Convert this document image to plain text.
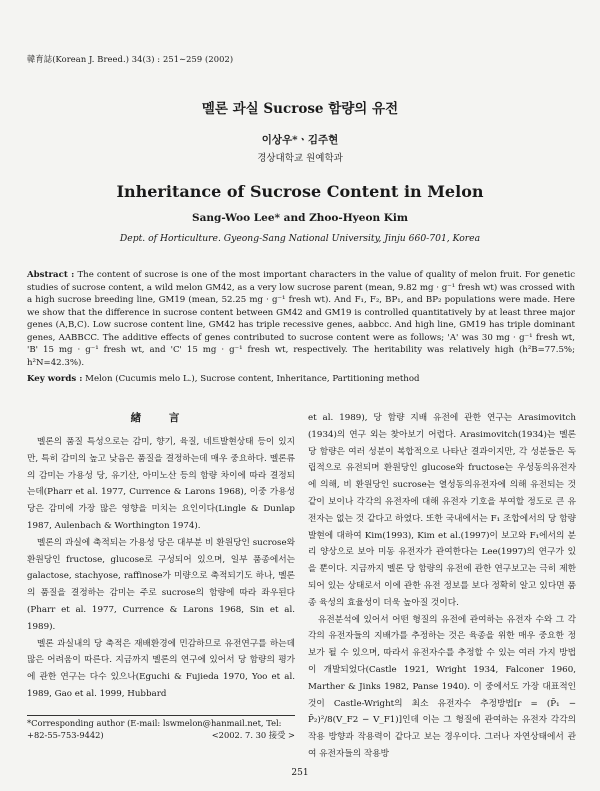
韓育誌(Korean J. Breed.) 34(3) : 251∼259 (2002)
멜론 과실 Sucrose 함량의 유전
이상우*ㆍ김주현
경상대학교 원예학과
Inheritance of Sucrose Content in Melon
Sang-Woo Lee* and Zhoo-Hyeon Kim
Dept. of Horticulture. Gyeong-Sang National University, Jinju 660-701, Korea
Abstract : The content of sucrose is one of the most important characters in the value of quality of melon fruit. For genetic studies of sucrose content, a wild melon GM42, as a very low sucrose parent (mean, 9.82 mg · g⁻¹ fresh wt) was crossed with a high sucrose breeding line, GM19 (mean, 52.25 mg · g⁻¹ fresh wt). And F₁, F₂, BP₁, and BP₂ populations were made. Here we show that the difference in sucrose content between GM42 and GM19 is controlled quantitatively by at least three major genes (A,B,C). Low sucrose content line, GM42 has triple recessive genes, aabbcc. And high line, GM19 has triple dominant genes, AABBCC. The additive effects of genes contributed to sucrose content were as follows; 'A' was 30 mg · g⁻¹ fresh wt, 'B' 15 mg · g⁻¹ fresh wt, and 'C' 15 mg · g⁻¹ fresh wt, respectively. The heritability was relatively high (h²B=77.5%; h²N=42.3%).
Key words : Melon (Cucumis melo L.), Sucrose content, Inheritance, Partitioning method
緖 言

멜론의 품질 특성으로는 감미, 향기, 육질, 네트발현상태 등이 있지만, 특히 감미의 높고 낮음은 품질을 결정하는데 매우 중요하다. 멜론류의 감미는 가용성 당, 유기산, 아미노산 등의 함량 차이에 따라 결정되는데(Pharr et al. 1977, Currence & Larons 1968), 이중 가용성 당은 감미에 가장 많은 영향을 미치는 요인이다(Lingle & Dunlap 1987, Aulenbach & Worthington 1974).

멜론의 과실에 축적되는 가용성 당은 대부분 비 환원당인 sucrose와 환원당인 fructose, glucose로 구성되어 있으며, 일부 품종에서는 galactose, stachyose, raffinose가 미량으로 축적되기도 하나, 멜론의 품질을 결정하는 감미는 주로 sucrose의 함량에 따라 좌우된다(Pharr et al. 1977, Currence & Larons 1968, Sin et al. 1989).

멜론 과실내의 당 축적은 재배환경에 민감하므로 유전연구를 하는데 많은 어려움이 따른다. 지금까지 멜론의 연구에 있어서 당 함량의 평가에 관한 연구는 다수 있으나(Eguchi & Fujieda 1970, Yoo et al. 1989, Gao et al. 1999, Hubbard

et al. 1989), 당 함량 지배 유전에 관한 연구는 Arasimovitch (1934)의 연구 외는 찾아보기 어렵다. Arasimovitch(1934)는 멜론 당 함량은 여러 성분이 복합적으로 나타난 결과이지만, 각 성분들은 독립적으로 유전되며 환원당인 glucose와 fructose는 우성동의유전자에 의해, 비 환원당인 sucrose는 열성동의유전자에 의해 유전되는 것 같이 보이나 각각의 유전자에 대해 유전자 기호을 부여할 정도로 큰 유전자는 없는 것 같다고 하였다. 또한 국내에서는 F₁ 조합에서의 당 함량 발현에 대하여 Kim(1993), Kim et al.(1997)이 보고와 F₁에서의 분리 양상으로 보아 미동 유전자가 관여한다는 Lee(1997)의 연구가 있을 뿐이다. 지금까지 멜론 당 함량의 유전에 관한 연구보고는 극히 제한되어 있는 상태로서 이에 관한 유전 정보를 보다 정확히 알고 있다면 품종 육성의 효율성이 더욱 높아질 것이다.

유전분석에 있어서 어떤 형질의 유전에 관여하는 유전자 수와 그 각각의 유전자들의 지배가를 추정하는 것은 육종을 위한 매우 중요한 정보가 될 수 있으며, 따라서 유전자수를 추정할 수 있는 여러 가지 방법이 개발되었다(Castle 1921, Wright 1934, Falconer 1960, Marther & Jinks 1982, Panse 1940). 이 중에서도 가장 대표적인 것이 Castle-Wright의 최소 유전자수 추정방법[r = (P̄₁ − P̄₂)²/8(V_F2 − V_F1)]인데 이는 그 형질에 관여하는 유전자 각각의 작용 방향과 작용력이 같다고 보는 경우이다. 그러나 자연상태에서 관여 유전자들의 작용방

*Corresponding author (E-mail: lswmelon@hanmail.net, Tel: +82-55-753-9442)	<2002. 7. 30 接受 >
251
